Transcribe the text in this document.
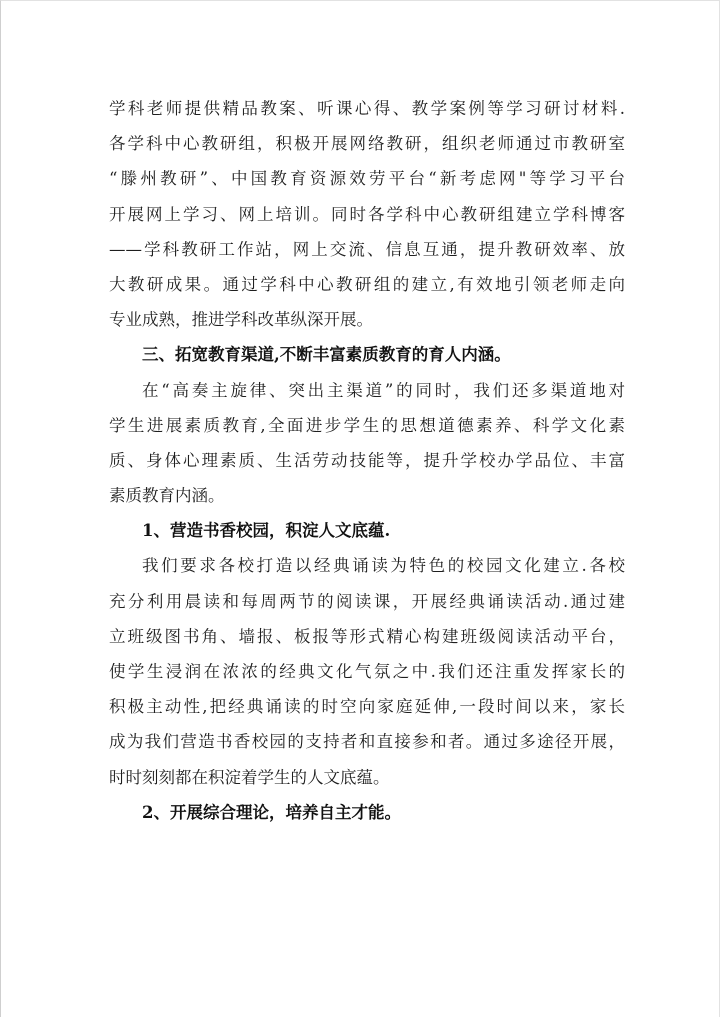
学科老师提供精品教案、听课心得、教学案例等学习研讨材料.
各学科中心教研组，积极开展网络教研，组织老师通过市教研室
“滕州教研”、中国教育资源效劳平台“新考虑网"等学习平台
开展网上学习、网上培训。同时各学科中心教研组建立学科博客
——学科教研工作站，网上交流、信息互通，提升教研效率、放
大教研成果。通过学科中心教研组的建立,有效地引领老师走向
专业成熟，推进学科改革纵深开展。
三、拓宽教育渠道,不断丰富素质教育的育人内涵。
在“高奏主旋律、突出主渠道”的同时，我们还多渠道地对
学生进展素质教育,全面进步学生的思想道德素养、科学文化素
质、身体心理素质、生活劳动技能等，提升学校办学品位、丰富
素质教育内涵。
1、营造书香校园，积淀人文底蕴.
我们要求各校打造以经典诵读为特色的校园文化建立.各校
充分利用晨读和每周两节的阅读课，开展经典诵读活动.通过建
立班级图书角、墙报、板报等形式精心构建班级阅读活动平台，
使学生浸润在浓浓的经典文化气氛之中.我们还注重发挥家长的
积极主动性,把经典诵读的时空向家庭延伸,一段时间以来，家长
成为我们营造书香校园的支持者和直接参和者。通过多途径开展，
时时刻刻都在积淀着学生的人文底蕴。
2、开展综合理论，培养自主才能。
